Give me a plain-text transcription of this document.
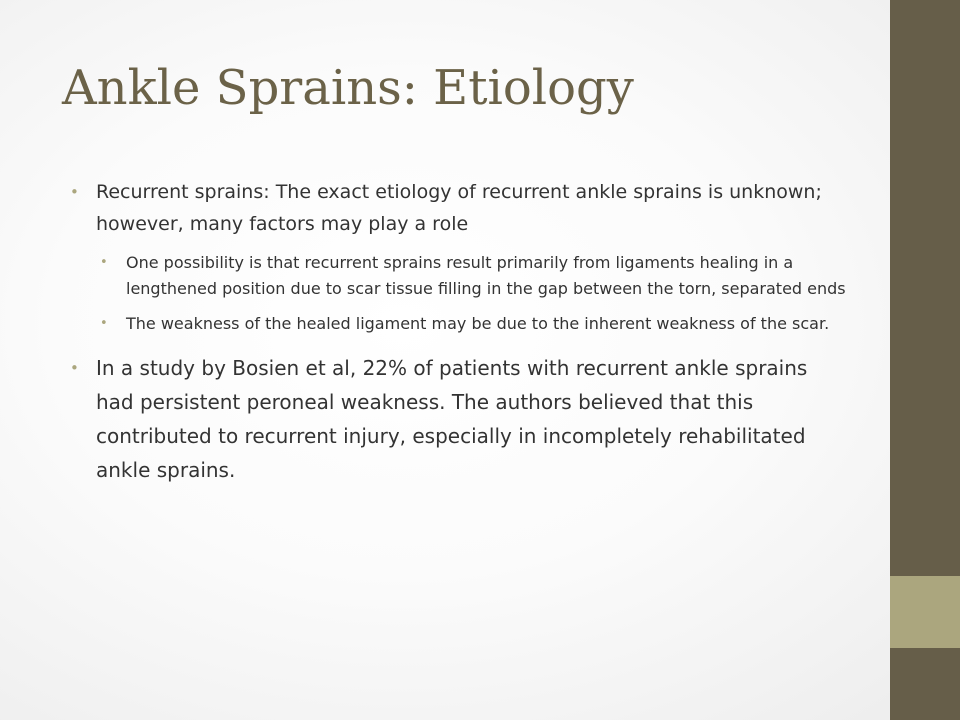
Ankle Sprains: Etiology
• Recurrent sprains: The exact etiology of recurrent ankle sprains is unknown; however, many factors may play a role
• One possibility is that recurrent sprains result primarily from ligaments healing in a lengthened position due to scar tissue filling in the gap between the torn, separated ends
• The weakness of the healed ligament may be due to the inherent weakness of the scar.
• In a study by Bosien et al, 22% of patients with recurrent ankle sprains had persistent peroneal weakness. The authors believed that this contributed to recurrent injury, especially in incompletely rehabilitated ankle sprains.
